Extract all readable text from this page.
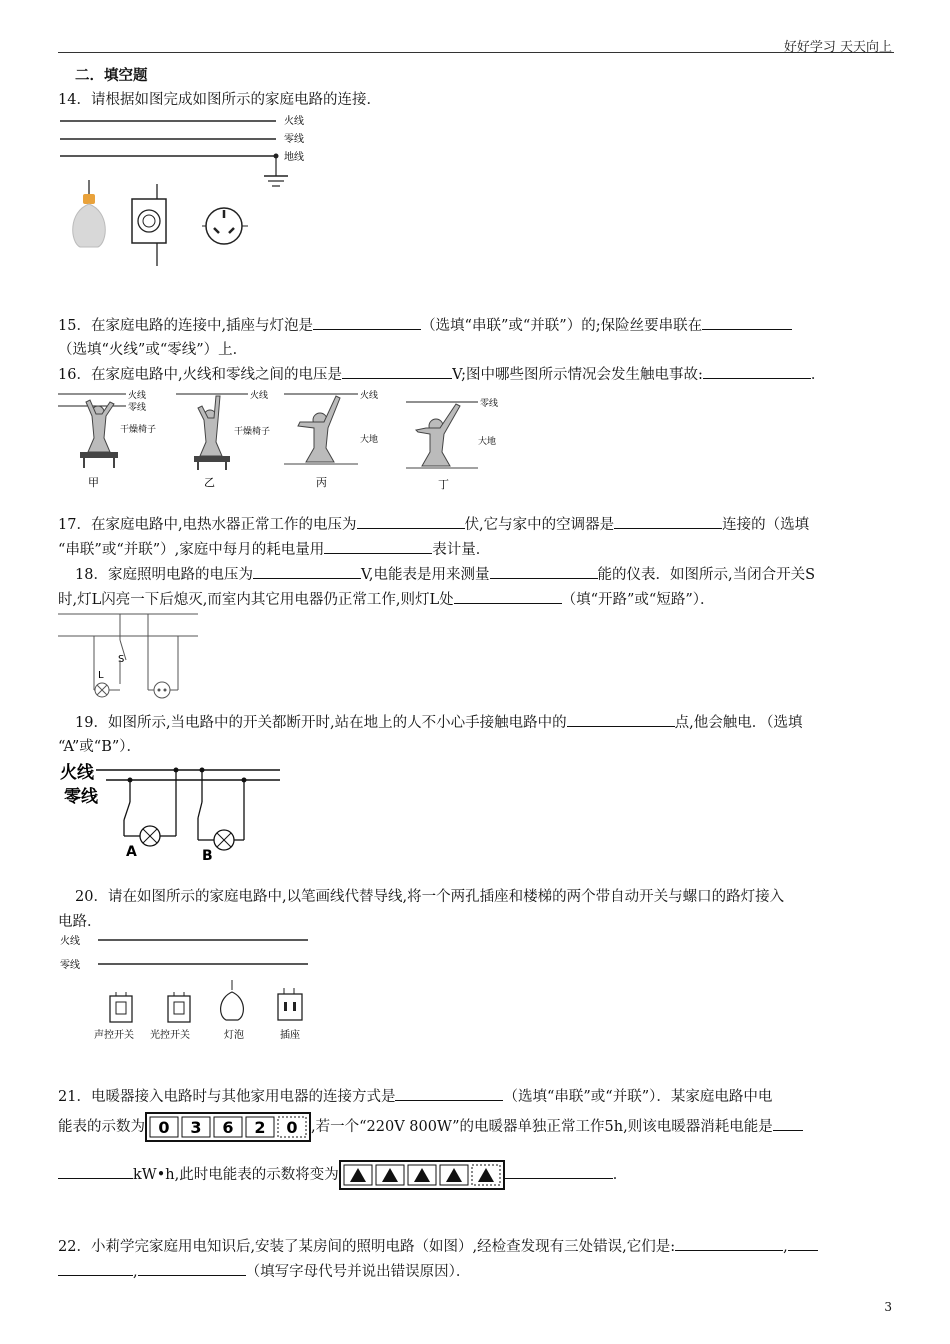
好好学习 天天向上
二．填空题
14．请根据如图完成如图所示的家庭电路的连接．
火线
零线
地线
15．在家庭电路的连接中,插座与灯泡是	（选填“串联”或“并联”）的;保险丝要串联在
（选填“火线”或“零线”）上．
16．在家庭电路中,火线和零线之间的电压是	V;图中哪些图所示情况会发生触电事故:	．
火线
零线
干燥椅子
甲
火线
干燥椅子
乙
火线
大地
丙
零线
大地
丁
17．在家庭电路中,电热水器正常工作的电压为	伏,它与家中的空调器是	连接的（选填
“串联”或“并联”）,家庭中每月的耗电量用	表计量．
18．家庭照明电路的电压为	V,电能表是用来测量	能的仪表．如图所示,当闭合开关S
时,灯L闪亮一下后熄灭,而室内其它用电器仍正常工作,则灯L处	（填“开路”或“短路”）．
S
L
19．如图所示,当电路中的开关都断开时,站在地上的人不小心手接触电路中的	点,他会触电．（选填
“A”或“B”）．
火线
零线
A	B
20．请在如图所示的家庭电路中,以笔画线代替导线,将一个两孔插座和楼梯的两个带自动开关与螺口的路灯接入
电路．
火线
零线
声控开关 光控开关	灯泡	插座
21．电暖器接入电路时与其他家用电器的连接方式是	（选填“串联”或“并联”）．某家庭电路中电
能表的示数为 0 3 6 2 0 ,若一个“220V 800W”的电暖器单独正常工作5h,则该电暖器消耗电能是
kW•h,此时电能表的示数将变为	．
22．小莉学完家庭用电知识后,安装了某房间的照明电路（如图）,经检查发现有三处错误,它们是:	,
,	（填写字母代号并说出错误原因）．
3
